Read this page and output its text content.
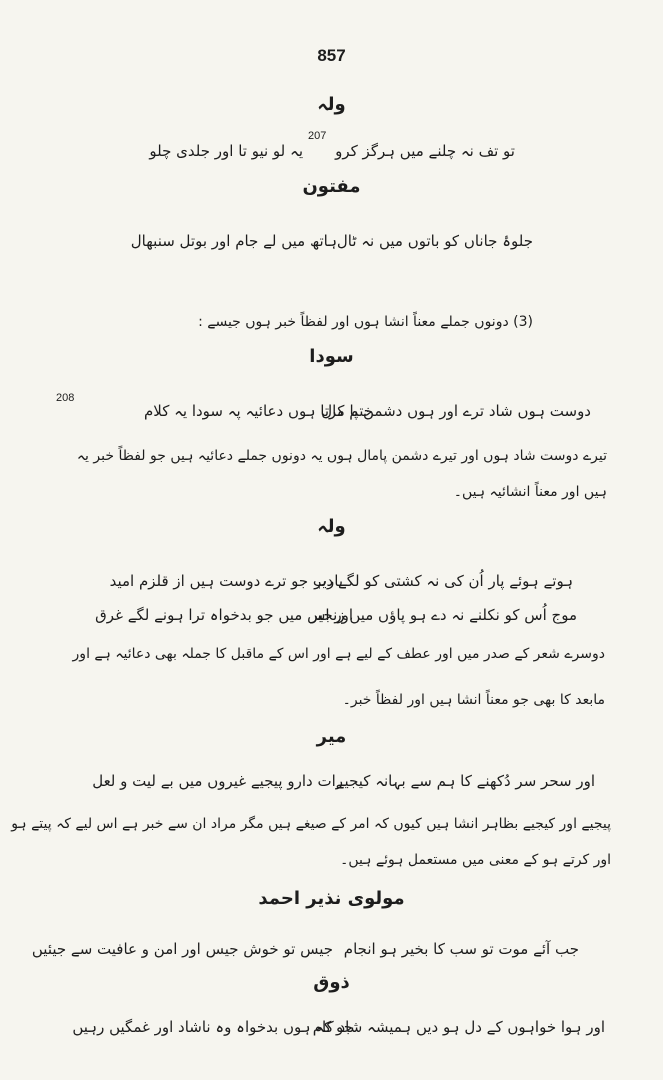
857
ولہ
207
یہ لو نیو تا اور جلدی چلو تو تف نہ چلنے میں ہرگز کرو
مفتون
ہاتھ میں لے جام اور بوتل سنبھال جلوۂ جاناں کو باتوں میں نہ ٹال
(3) دونوں جملے معناً انشا ہوں اور لفظاً خبر ہوں جیسے :
سودا
208
ختم کرتا ہوں دعائیہ پہ سودا یہ کلام
دوست ہوں شاد ترے اور ہوں دشمن پا مال
تیرے دوست شاد ہوں اور تیرے دشمن پامال ہوں یہ دونوں جملے دعائیہ ہیں جو لفظاً خبر یہ
ہیں اور معناً انشائیہ ہیں۔
ولہ
یارب جو ترے دوست ہیں از قلزم امید
ہوتے ہوئے پار اُن کی نہ کشتی کو لگے دیر
اور اس میں جو بدخواہ ترا ہونے لگے غرق
موج اُس کو نکلنے نہ دے ہو پاؤں میں زنجیر
دوسرے شعر کے صدر میں اور عطف کے لیے ہے اور اس کے ماقبل کا جملہ بھی دعائیہ ہے اور
مابعد کا بھی جو معناً انشا ہیں اور لفظاً خبر۔
میر
رات دارو پیجیے غیروں میں بے لیت و لعل
اور سحر سر دُکھنے کا ہم سے بہانہ کیجیے
پیجیے اور کیجیے بظاہر انشا ہیں کیوں کہ امر کے صیغے ہیں مگر مراد ان سے خبر ہے اس لیے کہ پیتے ہو
اور کرتے ہو کے معنی میں مستعمل ہوئے ہیں۔
مولوی نذیر احمد
جیس تو خوش جیس اور امن و عافیت سے جیئیں جب آئے موت تو سب کا بخیر ہو انجام
ذوق
جو کہ ہوں بدخواہ وہ ناشاد اور غمگیں رہیں
اور ہوا خواہوں کے دل ہو دیں ہمیشہ شاد کام
